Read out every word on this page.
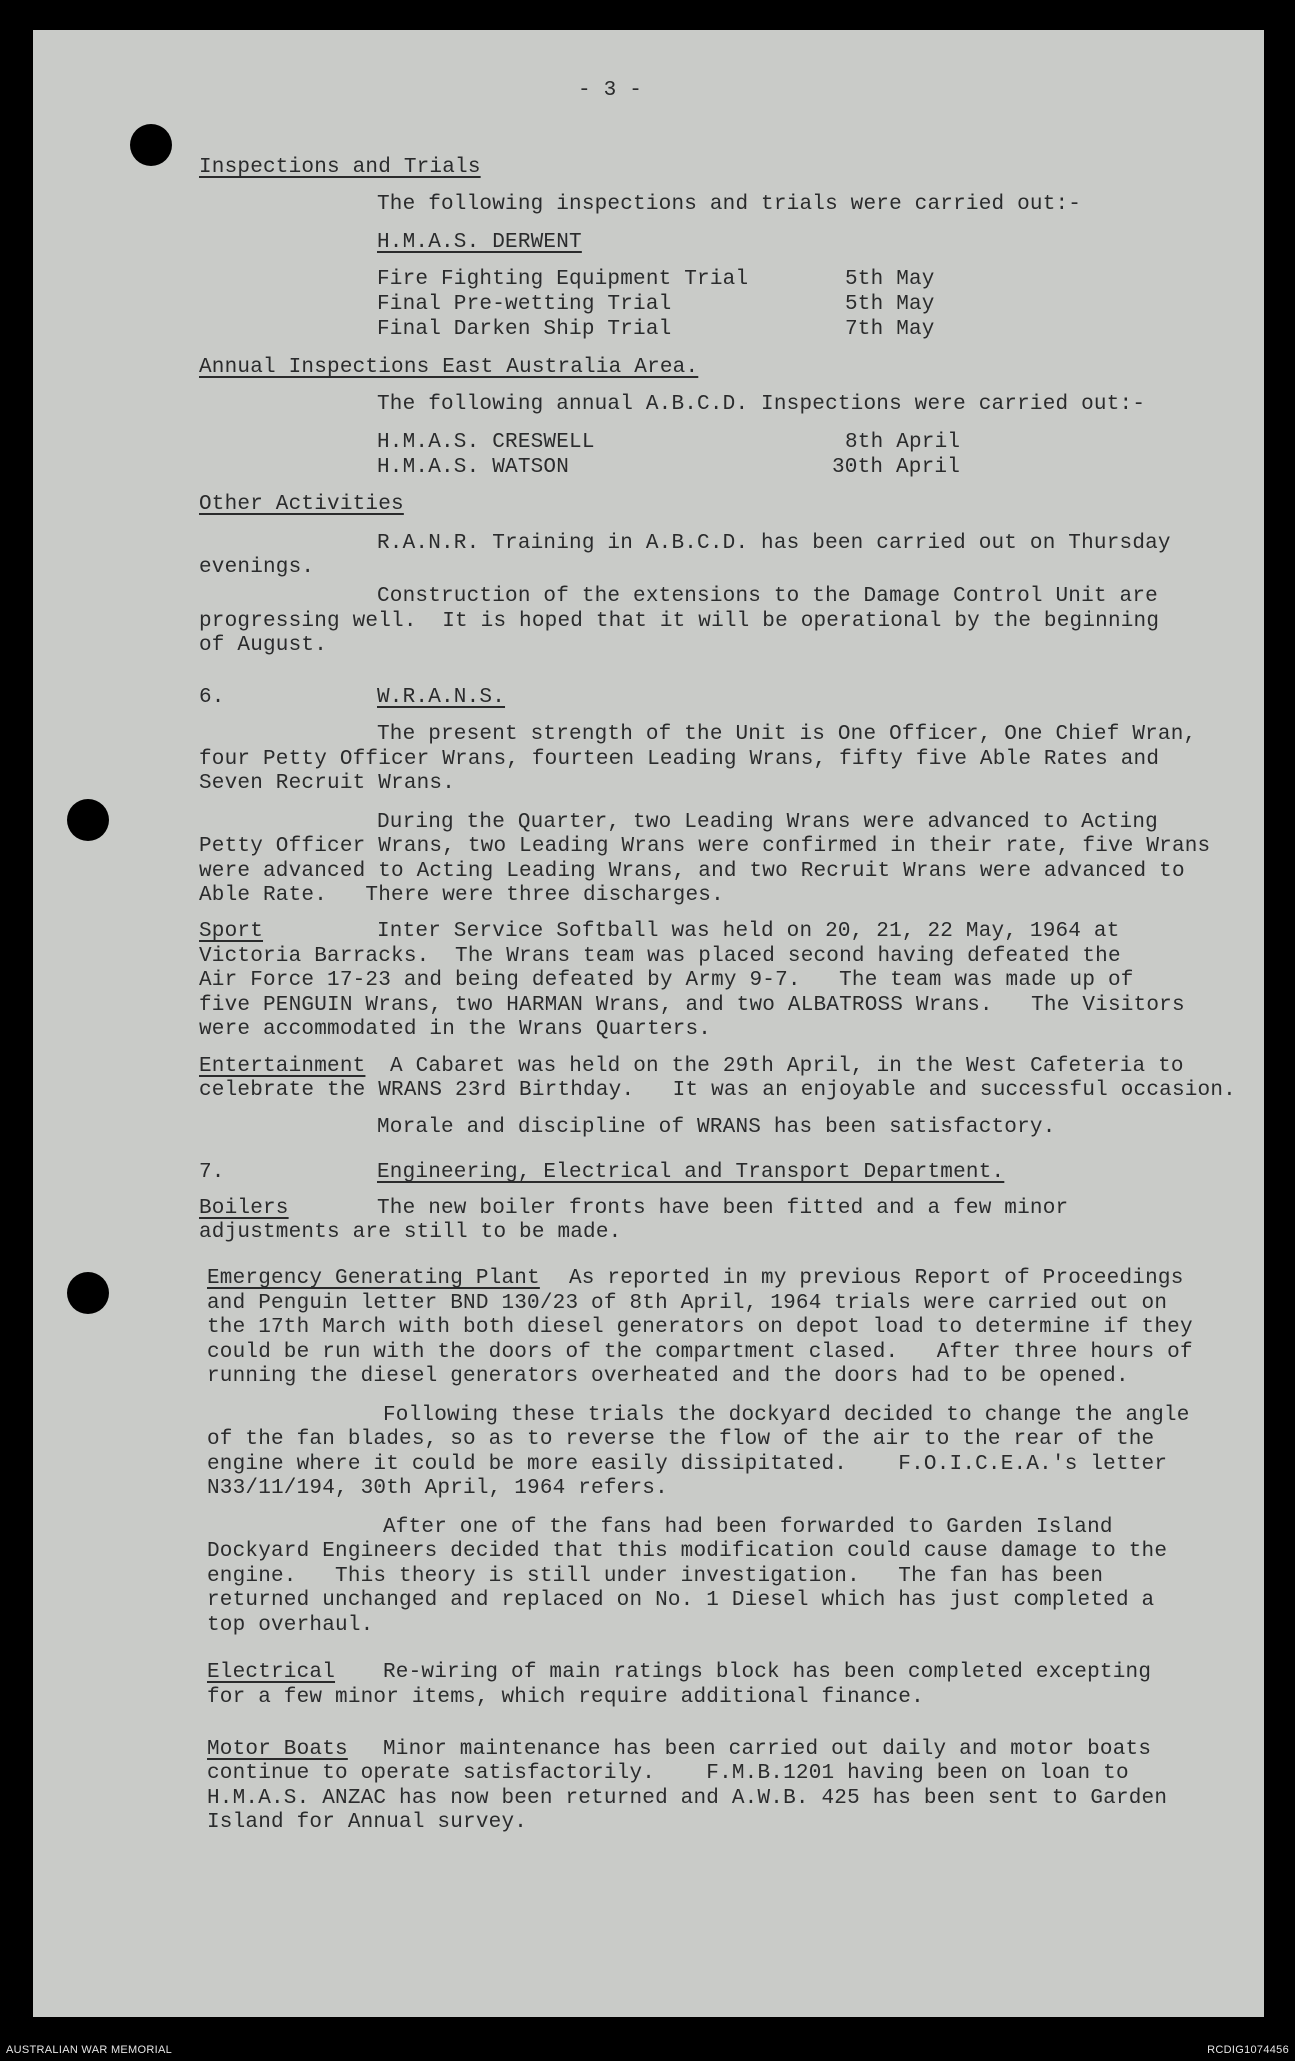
- 3 -
Inspections and Trials
The following inspections and trials were carried out:-
H.M.A.S. DERWENT
Fire Fighting Equipment Trial	5th May
Final Pre-wetting Trial	5th May
Final Darken Ship Trial	7th May
Annual Inspections East Australia Area.
The following annual A.B.C.D. Inspections were carried out:-
H.M.A.S. CRESWELL	8th April
H.M.A.S. WATSON	30th April
Other Activities
R.A.N.R. Training in A.B.C.D. has been carried out on Thursday
evenings.
Construction of the extensions to the Damage Control Unit are
progressing well.  It is hoped that it will be operational by the beginning
of August.
6.	W.R.A.N.S.
The present strength of the Unit is One Officer, One Chief Wran,
four Petty Officer Wrans, fourteen Leading Wrans, fifty five Able Rates and
Seven Recruit Wrans.
During the Quarter, two Leading Wrans were advanced to Acting
Petty Officer Wrans, two Leading Wrans were confirmed in their rate, five Wrans
were advanced to Acting Leading Wrans, and two Recruit Wrans were advanced to
Able Rate.   There were three discharges.
Sport	Inter Service Softball was held on 20, 21, 22 May, 1964 at
Victoria Barracks.  The Wrans team was placed second having defeated the
Air Force 17-23 and being defeated by Army 9-7.   The team was made up of
five PENGUIN Wrans, two HARMAN Wrans, and two ALBATROSS Wrans.   The Visitors
were accommodated in the Wrans Quarters.
Entertainment A Cabaret was held on the 29th April, in the West Cafeteria to
celebrate the WRANS 23rd Birthday.   It was an enjoyable and successful occasion.
Morale and discipline of WRANS has been satisfactory.
7.	Engineering, Electrical and Transport Department.
Boilers	The new boiler fronts have been fitted and a few minor
adjustments are still to be made.
Emergency Generating Plant As reported in my previous Report of Proceedings
and Penguin letter BND 130/23 of 8th April, 1964 trials were carried out on
the 17th March with both diesel generators on depot load to determine if they
could be run with the doors of the compartment clased.   After three hours of
running the diesel generators overheated and the doors had to be opened.
Following these trials the dockyard decided to change the angle
of the fan blades, so as to reverse the flow of the air to the rear of the
engine where it could be more easily dissipitated.    F.O.I.C.E.A.'s letter
N33/11/194, 30th April, 1964 refers.
After one of the fans had been forwarded to Garden Island
Dockyard Engineers decided that this modification could cause damage to the
engine.   This theory is still under investigation.   The fan has been
returned unchanged and replaced on No. 1 Diesel which has just completed a
top overhaul.
Electrical Re-wiring of main ratings block has been completed excepting
for a few minor items, which require additional finance.
Motor Boats Minor maintenance has been carried out daily and motor boats
continue to operate satisfactorily.    F.M.B.1201 having been on loan to
H.M.A.S. ANZAC has now been returned and A.W.B. 425 has been sent to Garden
Island for Annual survey.
AUSTRALIAN WAR MEMORIAL	RCDIG1074456
